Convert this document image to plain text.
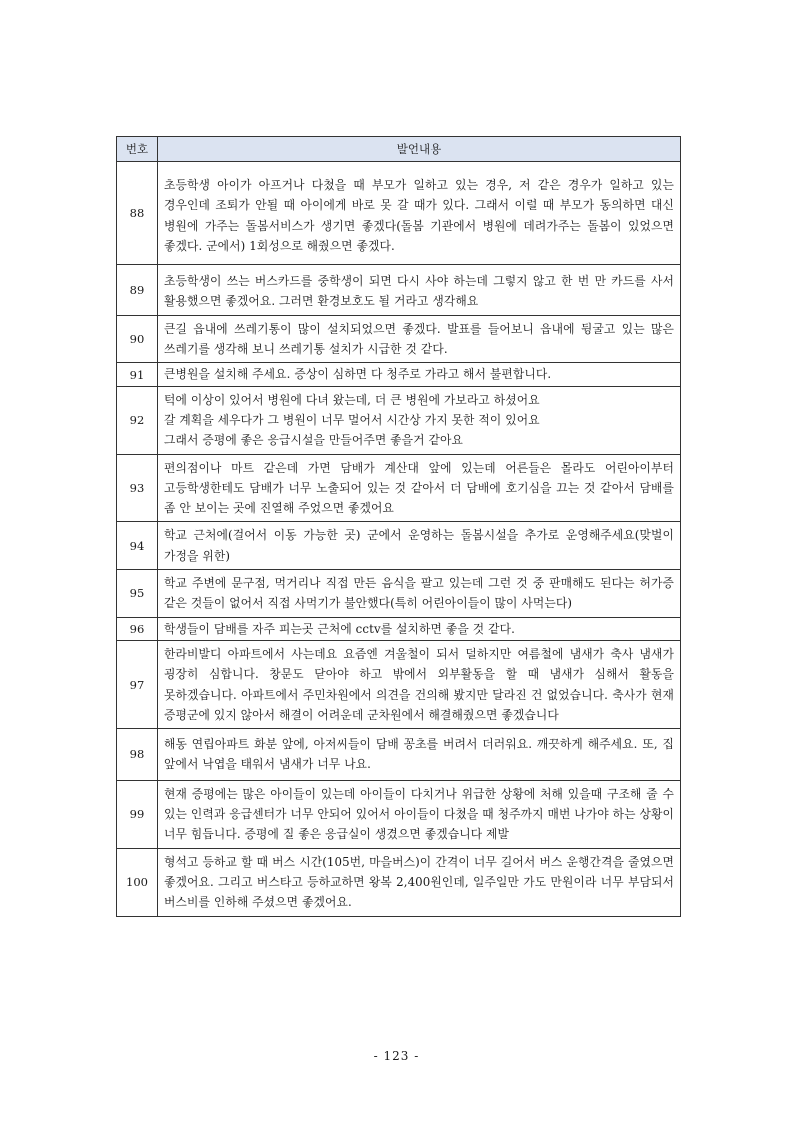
번호	발언내용
88	초등학생 아이가 아프거나 다쳤을 때 부모가 일하고 있는 경우, 저 같은 경우가 일하고 있는 경우인데 조퇴가 안될 때 아이에게 바로 못 갈 때가 있다. 그래서 이럴 때 부모가 동의하면 대신 병원에 가주는 돌봄서비스가 생기면 좋겠다(돌봄 기관에서 병원에 데려가주는 돌봄이 있었으면 좋겠다. 군에서) 1회성으로 해줬으면 좋겠다.
89	초등학생이 쓰는 버스카드를 중학생이 되면 다시 사야 하는데 그렇지 않고 한 번 만 카드를 사서 활용했으면 좋겠어요. 그러면 환경보호도 될 거라고 생각해요
90	큰길 읍내에 쓰레기통이 많이 설치되었으면 좋겠다. 발표를 들어보니 읍내에 뒹굴고 있는 많은 쓰레기를 생각해 보니 쓰레기통 설치가 시급한 것 같다.
91	큰병원을 설치해 주세요. 증상이 심하면 다 청주로 가라고 해서 불편합니다.
92	턱에 이상이 있어서 병원에 다녀 왔는데, 더 큰 병원에 가보라고 하셨어요
갈 계획을 세우다가 그 병원이 너무 멀어서 시간상 가지 못한 적이 있어요
그래서 증평에 좋은 응급시설을 만들어주면 좋을거 같아요
93	편의점이나 마트 같은데 가면 담배가 계산대 앞에 있는데 어른들은 몰라도 어린아이부터 고등학생한테도 담배가 너무 노출되어 있는 것 같아서 더 담배에 호기심을 끄는 것 같아서 담배를 좀 안 보이는 곳에 진열해 주었으면 좋겠어요
94	학교 근처에(걸어서 이동 가능한 곳) 군에서 운영하는 돌봄시설을 추가로 운영해주세요(맞벌이 가정을 위한)
95	학교 주변에 문구점, 먹거리나 직접 만든 음식을 팔고 있는데 그런 것 중 판매해도 된다는 허가증 같은 것들이 없어서 직접 사먹기가 불안했다(특히 어린아이들이 많이 사먹는다)
96	학생들이 담배를 자주 피는곳 근처에 cctv를 설치하면 좋을 것 같다.
97	한라비발디 아파트에서 사는데요 요즘엔 겨울철이 되서 덜하지만 여름철에 냄새가 축사 냄새가 굉장히 심합니다. 창문도 닫아야 하고 밖에서 외부활동을 할 때 냄새가 심해서 활동을 못하겠습니다. 아파트에서 주민차원에서 의견을 건의해 봤지만 달라진 건 없었습니다. 축사가 현재 증평군에 있지 않아서 해결이 어려운데 군차원에서 해결해줬으면 좋겠습니다
98	해동 연립아파트 화분 앞에, 아저씨들이 담배 꽁초를 버려서 더러워요. 깨끗하게 해주세요. 또, 집 앞에서 낙엽을 태워서 냄새가 너무 나요.
99	현재 증평에는 많은 아이들이 있는데 아이들이 다치거나 위급한 상황에 처해 있을때 구조해 줄 수 있는 인력과 응급센터가 너무 안되어 있어서 아이들이 다쳤을 때 청주까지 매번 나가야 하는 상황이 너무 힘듭니다. 증평에 질 좋은 응급실이 생겼으면 좋겠습니다 제발
100	형석고 등하교 할 때 버스 시간(105번, 마을버스)이 간격이 너무 길어서 버스 운행간격을 줄였으면 좋겠어요. 그리고 버스타고 등하교하면 왕복 2,400원인데, 일주일만 가도 만원이라 너무 부담되서 버스비를 인하해 주셨으면 좋겠어요.
- 123 -
